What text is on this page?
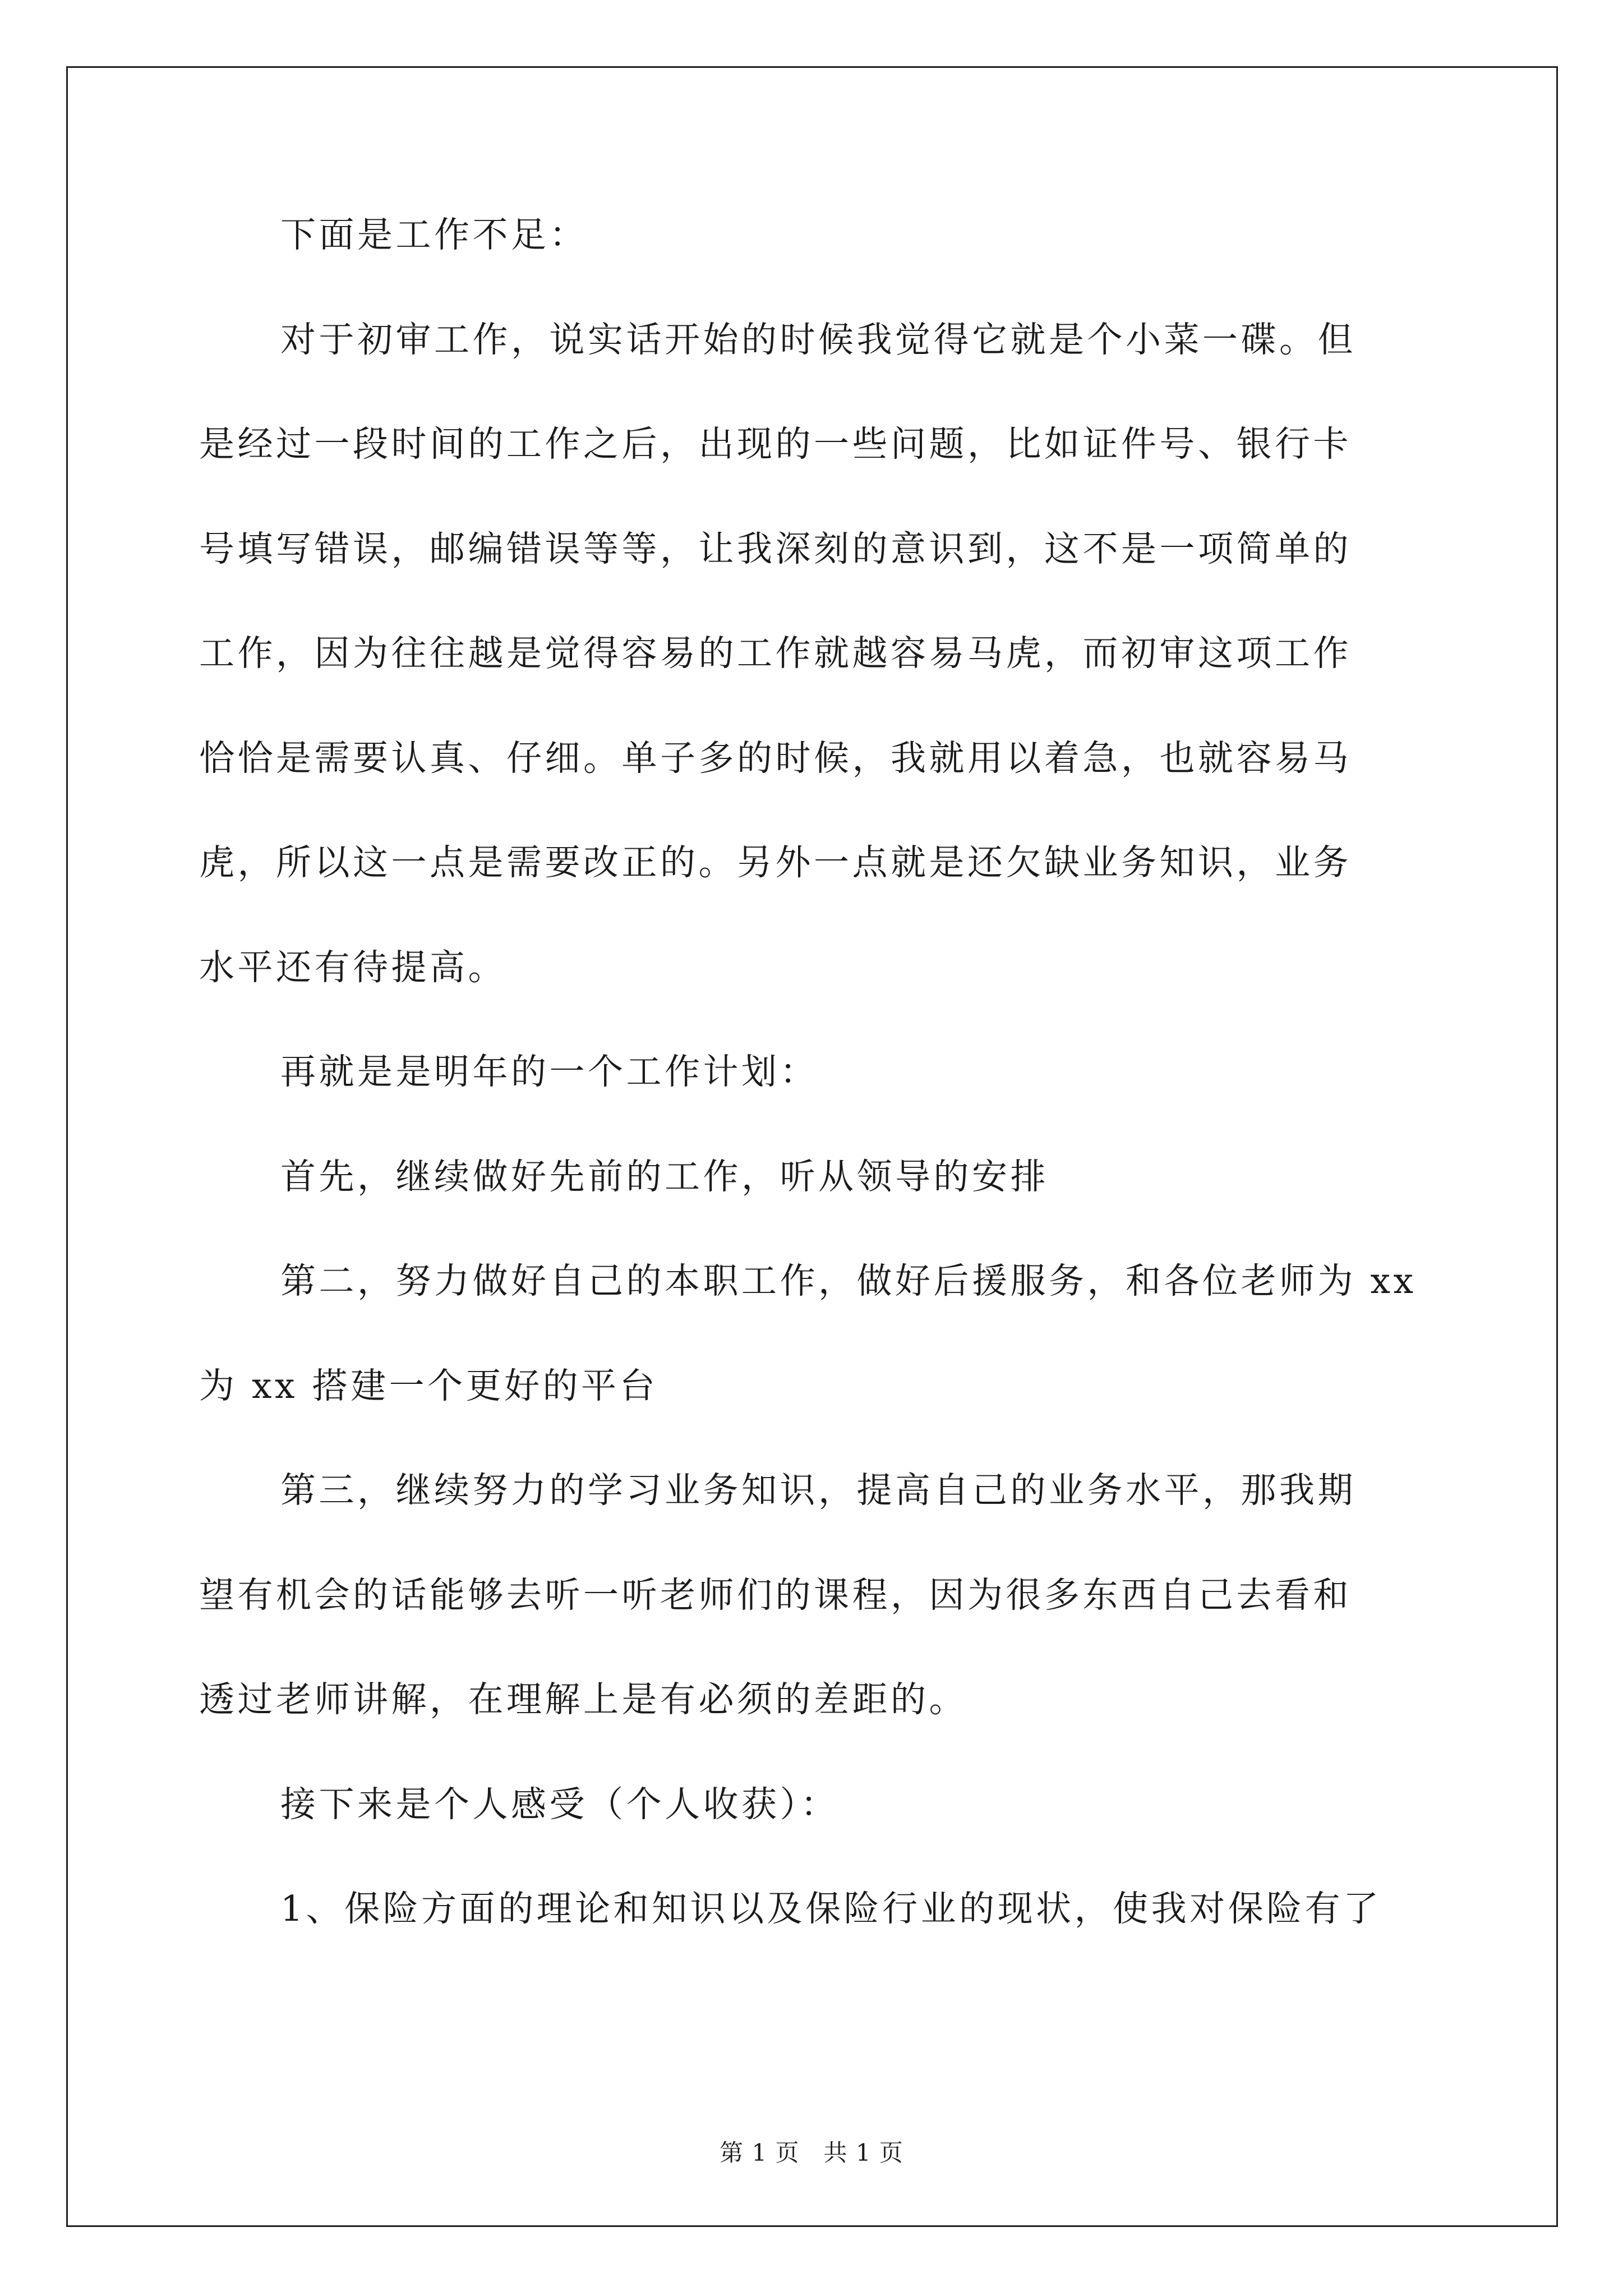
下面是工作不足：
对于初审工作，说实话开始的时候我觉得它就是个小菜一碟。但
是经过一段时间的工作之后，出现的一些问题，比如证件号、银行卡
号填写错误，邮编错误等等，让我深刻的意识到，这不是一项简单的
工作，因为往往越是觉得容易的工作就越容易马虎，而初审这项工作
恰恰是需要认真、仔细。单子多的时候，我就用以着急，也就容易马
虎，所以这一点是需要改正的。另外一点就是还欠缺业务知识，业务
水平还有待提高。
再就是是明年的一个工作计划：
首先，继续做好先前的工作，听从领导的安排
第二，努力做好自己的本职工作，做好后援服务，和各位老师为 xx
为 xx 搭建一个更好的平台
第三，继续努力的学习业务知识，提高自己的业务水平，那我期
望有机会的话能够去听一听老师们的课程，因为很多东西自己去看和
透过老师讲解，在理解上是有必须的差距的。
接下来是个人感受（个人收获）：
1、保险方面的理论和知识以及保险行业的现状，使我对保险有了
第 1 页　共 1 页
